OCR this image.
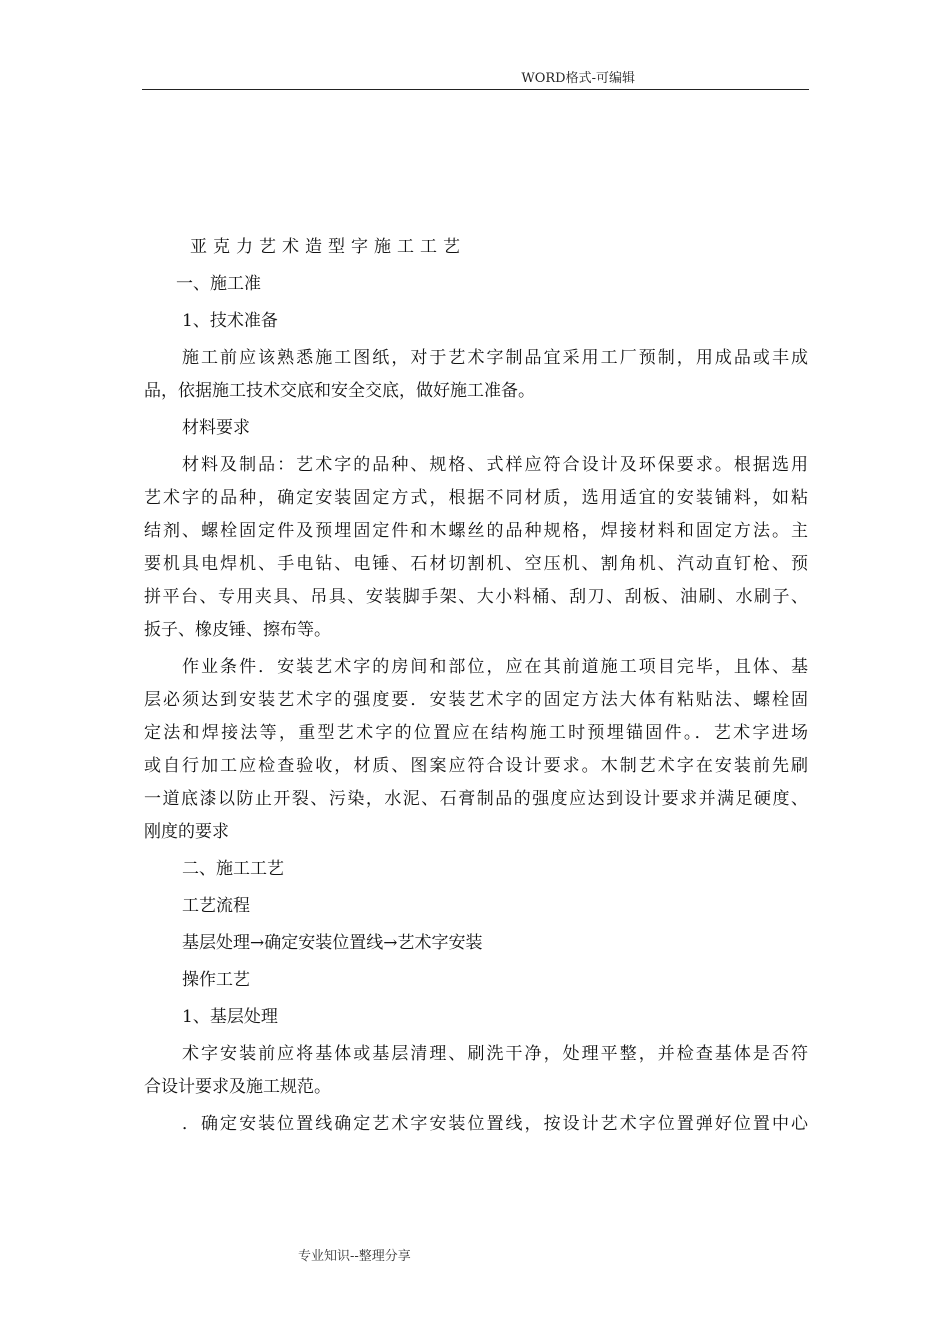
WORD格式-可编辑
亚克力艺术造型字施工工艺
一、施工准
1、技术准备
施工前应该熟悉施工图纸，对于艺术字制品宜采用工厂预制，用成品或丰成
品，依据施工技术交底和安全交底，做好施工准备。
材料要求
材料及制品：艺术字的品种、规格、式样应符合设计及环保要求。根据选用
艺术字的品种，确定安装固定方式，根据不同材质，选用适宜的安装铺料，如粘
结剂、螺栓固定件及预埋固定件和木螺丝的品种规格，焊接材料和固定方法。主
要机具电焊机、手电钻、电锤、石材切割机、空压机、割角机、汽动直钉枪、预
拼平台、专用夹具、吊具、安装脚手架、大小料桶、刮刀、刮板、油刷、水刷子、
扳子、橡皮锤、擦布等。
作业条件．安装艺术字的房间和部位，应在其前道施工项目完毕，且体、基
层必须达到安装艺术字的强度要．安装艺术字的固定方法大体有粘贴法、螺栓固
定法和焊接法等，重型艺术字的位置应在结构施工时预埋锚固件。．艺术字进场
或自行加工应检查验收，材质、图案应符合设计要求。木制艺术字在安装前先刷
一道底漆以防止开裂、污染，水泥、石膏制品的强度应达到设计要求并满足硬度、
刚度的要求
二、施工工艺
工艺流程
基层处理→确定安装位置线→艺术字安装
操作工艺
1、基层处理
术字安装前应将基体或基层清理、刷洗干净，处理平整，并检查基体是否符
合设计要求及施工规范。
．确定安装位置线确定艺术字安装位置线，按设计艺术字位置弹好位置中心
专业知识--整理分享
